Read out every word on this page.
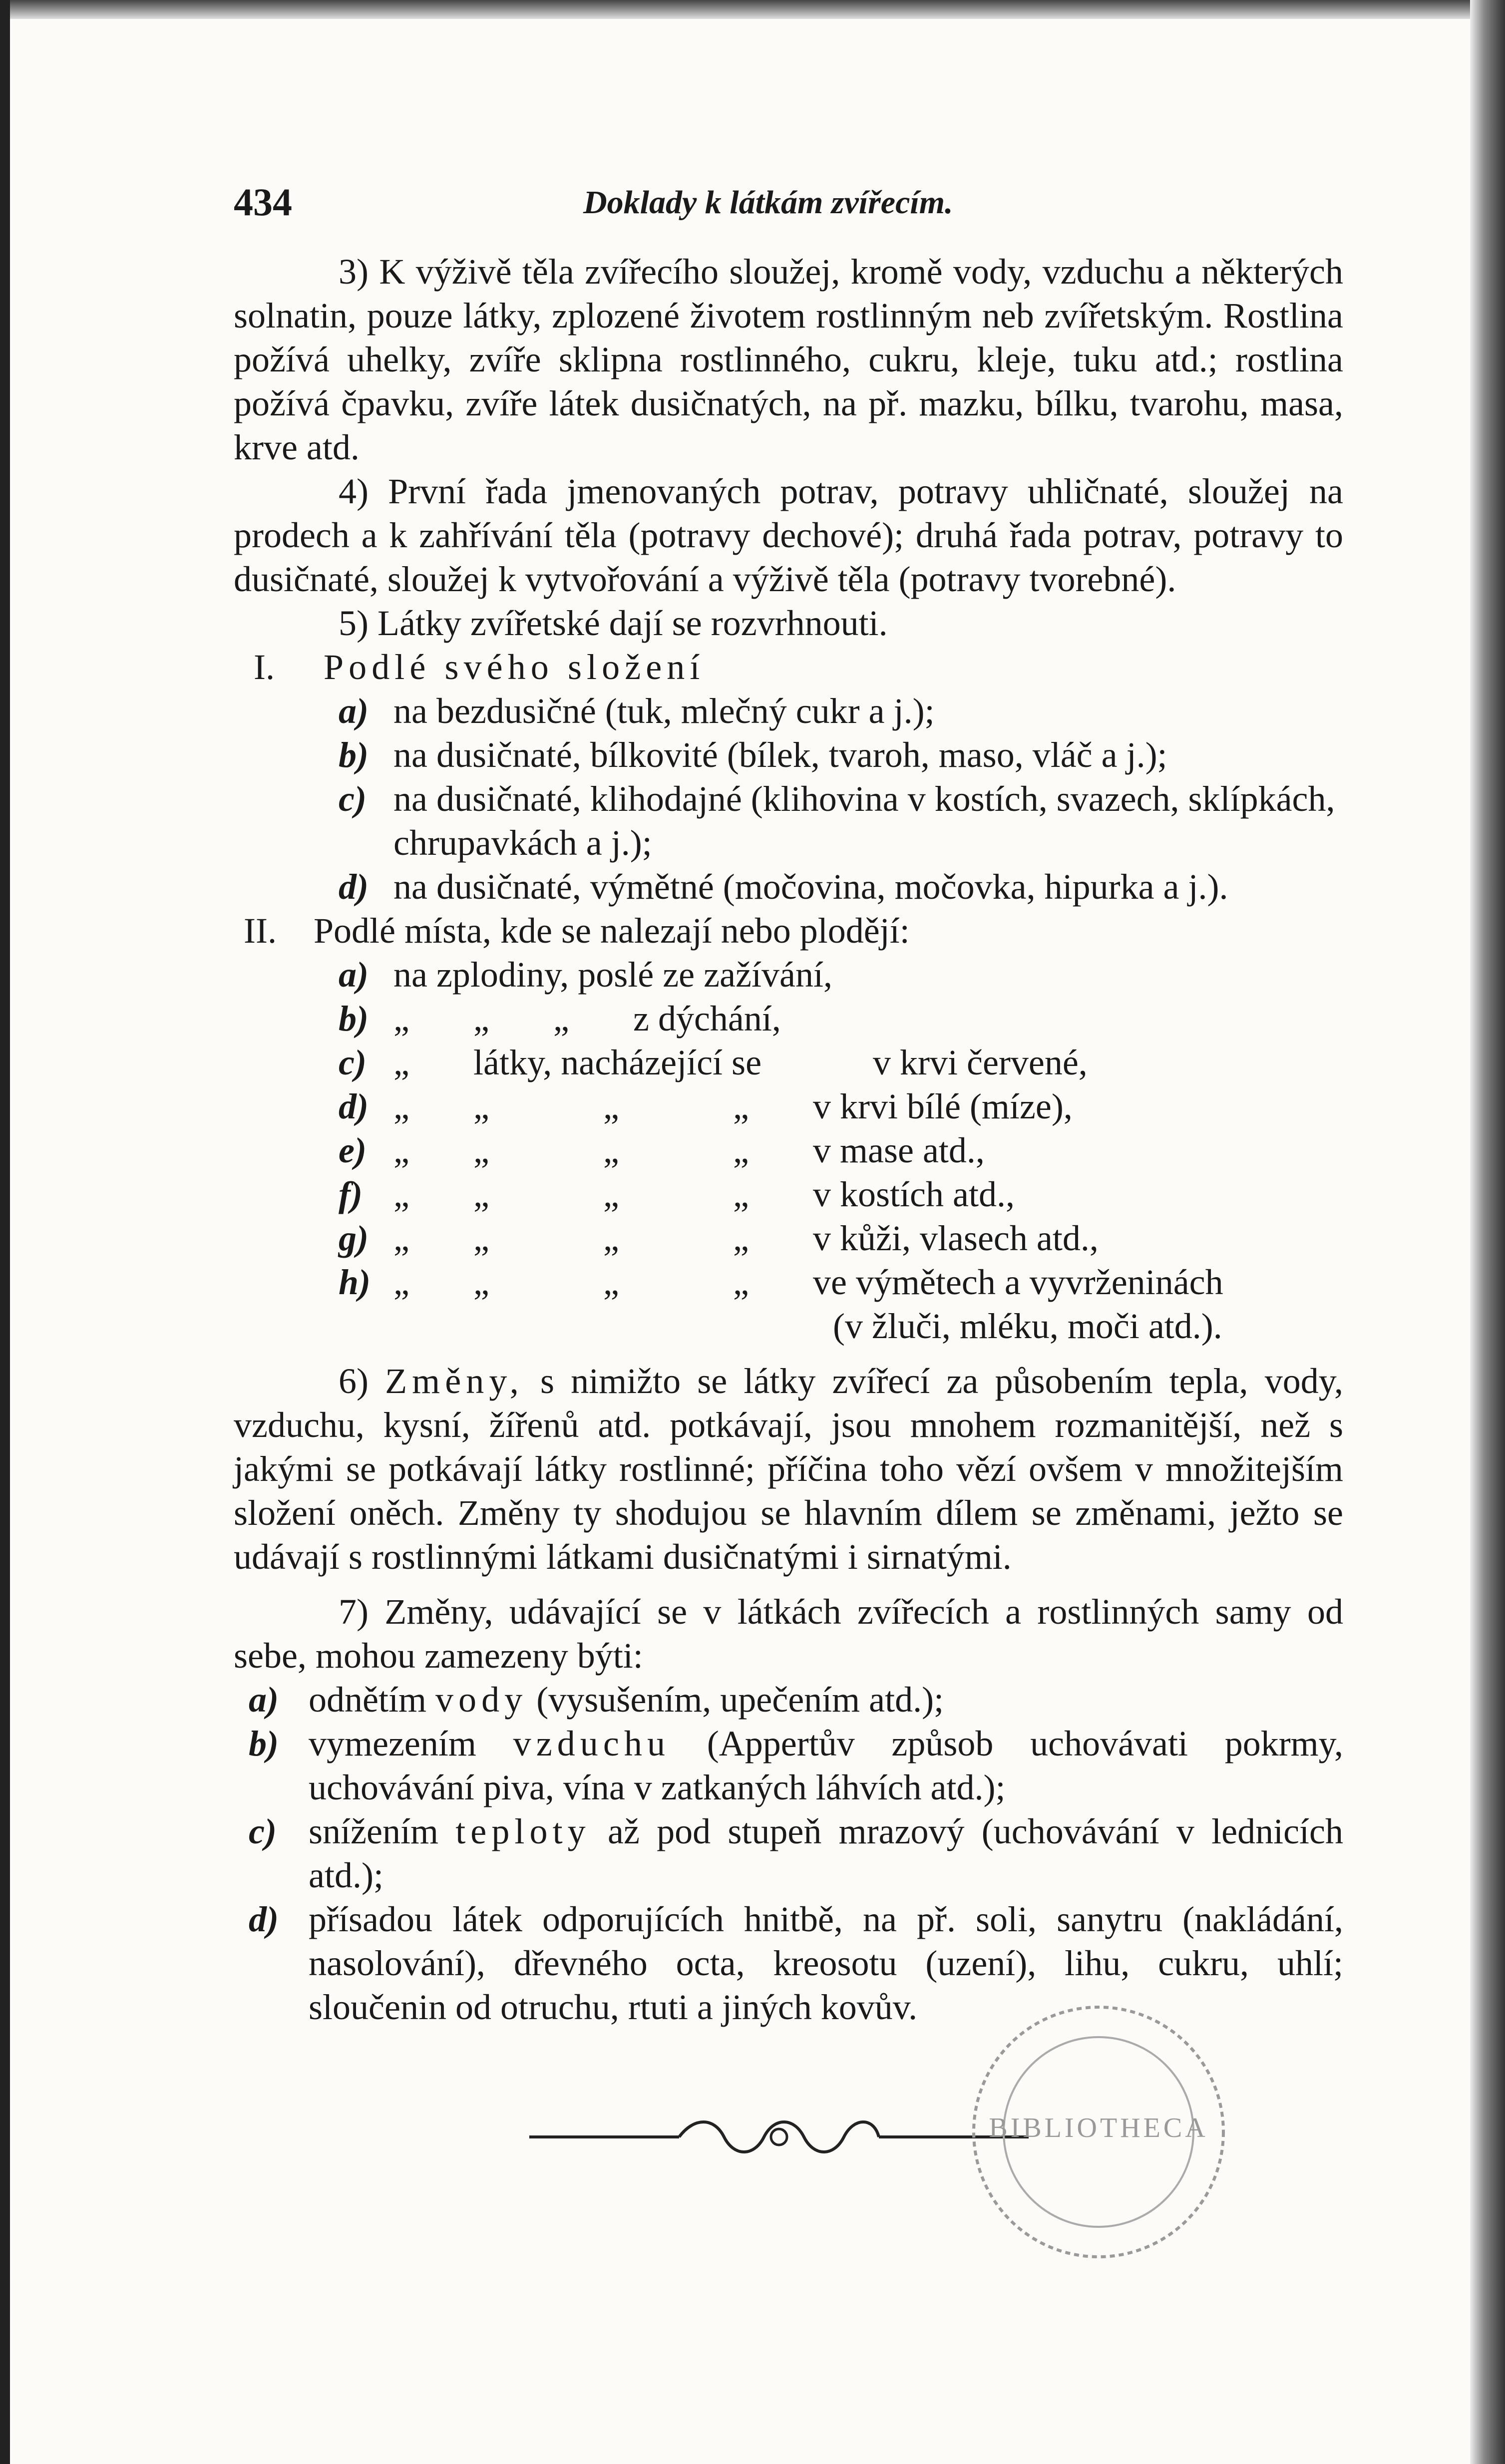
434	Doklady k látkám zvířecím.

3) K výživě těla zvířecího sloužej, kromě vody, vzduchu a některých solnatin, pouze látky, zplozené životem rostlinným neb zvířetským. Rostlina požívá uhelky, zvíře sklipna rostlinného, cukru, kleje, tuku atd.; rostlina požívá čpavku, zvíře látek dusičnatých, na př. mazku, bílku, tvarohu, masa, krve atd.

4) První řada jmenovaných potrav, potravy uhličnaté, sloužej na prodech a k zahřívání těla (potravy dechové); druhá řada potrav, potravy to dusičnaté, sloužej k vytvořování a výživě těla (potravy tvorebné).

5) Látky zvířetské dají se rozvrhnouti.

I.	Podlé svého složení
a) na bezdusičné (tuk, mlečný cukr a j.);
b) na dusičnaté, bílkovité (bílek, tvaroh, maso, vláč a j.);
c) na dusičnaté, klihodajné (klihovina v kostích, svazech, sklípkách, chrupavkách a j.);
d) na dusičnaté, výmětné (močovina, močovka, hipurka a j.).
II.	Podlé místa, kde se nalezají nebo plodějí:
a) na zplodiny, poslé ze zažívání,
b) „	„	„	z dýchání,
c) „	látky, nacházející se	v krvi červené,
d) „	„	„	„	v krvi bílé (míze),
e) „	„	„	„	v mase atd.,
f) „	„	„	„	v kostích atd.,
g) „	„	„	„	v kůži, vlasech atd.,
h) „	„	„	„	ve výmětech a vyvrženinách
(v žluči, mléku, moči atd.).

6) Změny, s nimižto se látky zvířecí za působením tepla, vody, vzduchu, kysní, žířenů atd. potkávají, jsou mnohem rozmanitější, než s jakými se potkávají látky rostlinné; příčina toho vězí ovšem v množitejším složení oněch. Změny ty shodujou se hlavním dílem se změnami, ježto se udávají s rostlinnými látkami dusičnatými i sirnatými.

7) Změny, udávající se v látkách zvířecích a rostlinných samy od sebe, mohou zamezeny býti:

a) odnětím vody (vysušením, upečením atd.);
b) vymezením vzduchu (Appertův způsob uchovávati pokrmy, uchovávání piva, vína v zatkaných láhvích atd.);
c) snížením teploty až pod stupeň mrazový (uchovávání v lednicích atd.);
d) přísadou látek odporujících hnitbě, na př. soli, sanytru (nakládání, nasolování), dřevného octa, kreosotu (uzení), lihu, cukru, uhlí; sloučenin od otruchu, rtuti a jiných kovův.
BIBLIOTHECA
